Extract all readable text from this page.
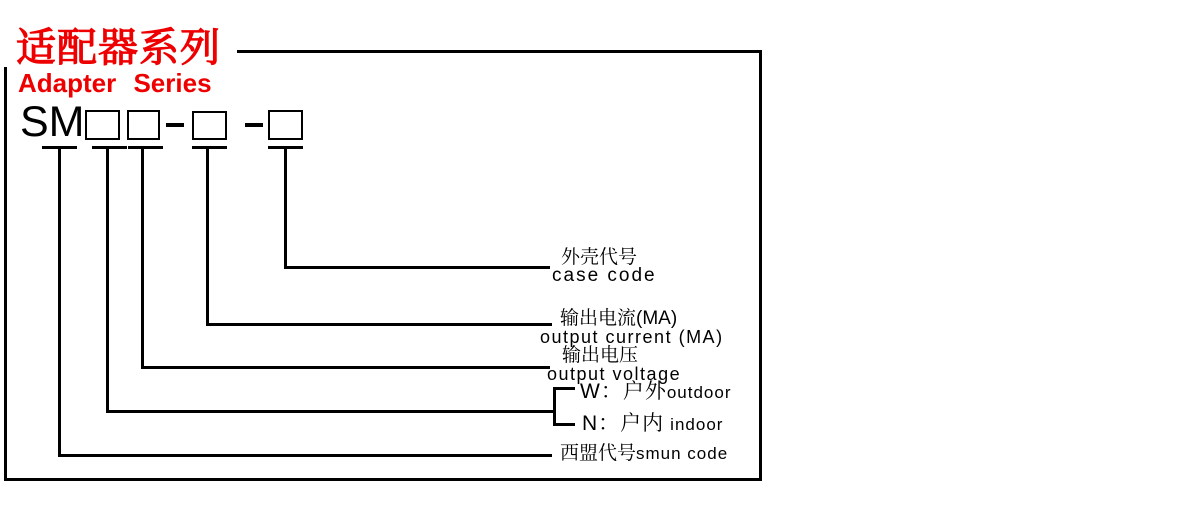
适配器系列
Adapter Series
SM
外壳代号
case code
输出电流(MA)
output current (MA)
输出电压
output voltage
W：户外outdoor
N：户内 indoor
西盟代号smun code
